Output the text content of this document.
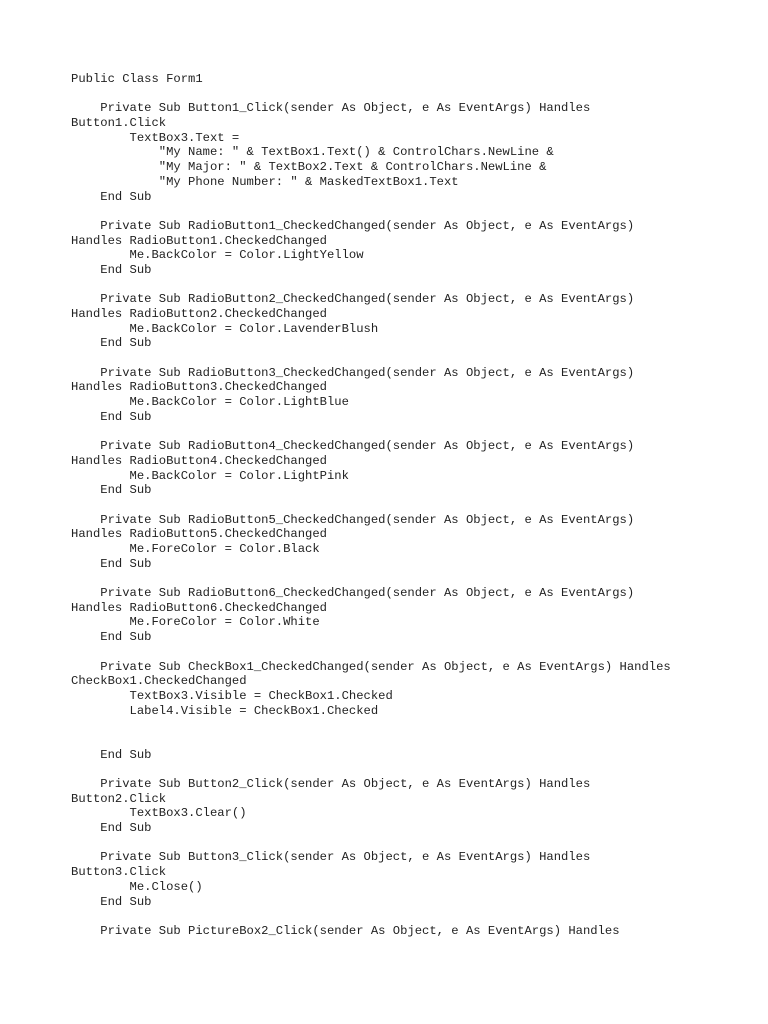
Public Class Form1
Private Sub Button1_Click(sender As Object, e As EventArgs) Handles
Button1.Click
TextBox3.Text =
"My Name: " & TextBox1.Text() & ControlChars.NewLine &
"My Major: " & TextBox2.Text & ControlChars.NewLine &
"My Phone Number: " & MaskedTextBox1.Text
End Sub
Private Sub RadioButton1_CheckedChanged(sender As Object, e As EventArgs)
Handles RadioButton1.CheckedChanged
Me.BackColor = Color.LightYellow
End Sub
Private Sub RadioButton2_CheckedChanged(sender As Object, e As EventArgs)
Handles RadioButton2.CheckedChanged
Me.BackColor = Color.LavenderBlush
End Sub
Private Sub RadioButton3_CheckedChanged(sender As Object, e As EventArgs)
Handles RadioButton3.CheckedChanged
Me.BackColor = Color.LightBlue
End Sub
Private Sub RadioButton4_CheckedChanged(sender As Object, e As EventArgs)
Handles RadioButton4.CheckedChanged
Me.BackColor = Color.LightPink
End Sub
Private Sub RadioButton5_CheckedChanged(sender As Object, e As EventArgs)
Handles RadioButton5.CheckedChanged
Me.ForeColor = Color.Black
End Sub
Private Sub RadioButton6_CheckedChanged(sender As Object, e As EventArgs)
Handles RadioButton6.CheckedChanged
Me.ForeColor = Color.White
End Sub
Private Sub CheckBox1_CheckedChanged(sender As Object, e As EventArgs) Handles
CheckBox1.CheckedChanged
TextBox3.Visible = CheckBox1.Checked
Label4.Visible = CheckBox1.Checked
End Sub
Private Sub Button2_Click(sender As Object, e As EventArgs) Handles
Button2.Click
TextBox3.Clear()
End Sub
Private Sub Button3_Click(sender As Object, e As EventArgs) Handles
Button3.Click
Me.Close()
End Sub
Private Sub PictureBox2_Click(sender As Object, e As EventArgs) Handles
